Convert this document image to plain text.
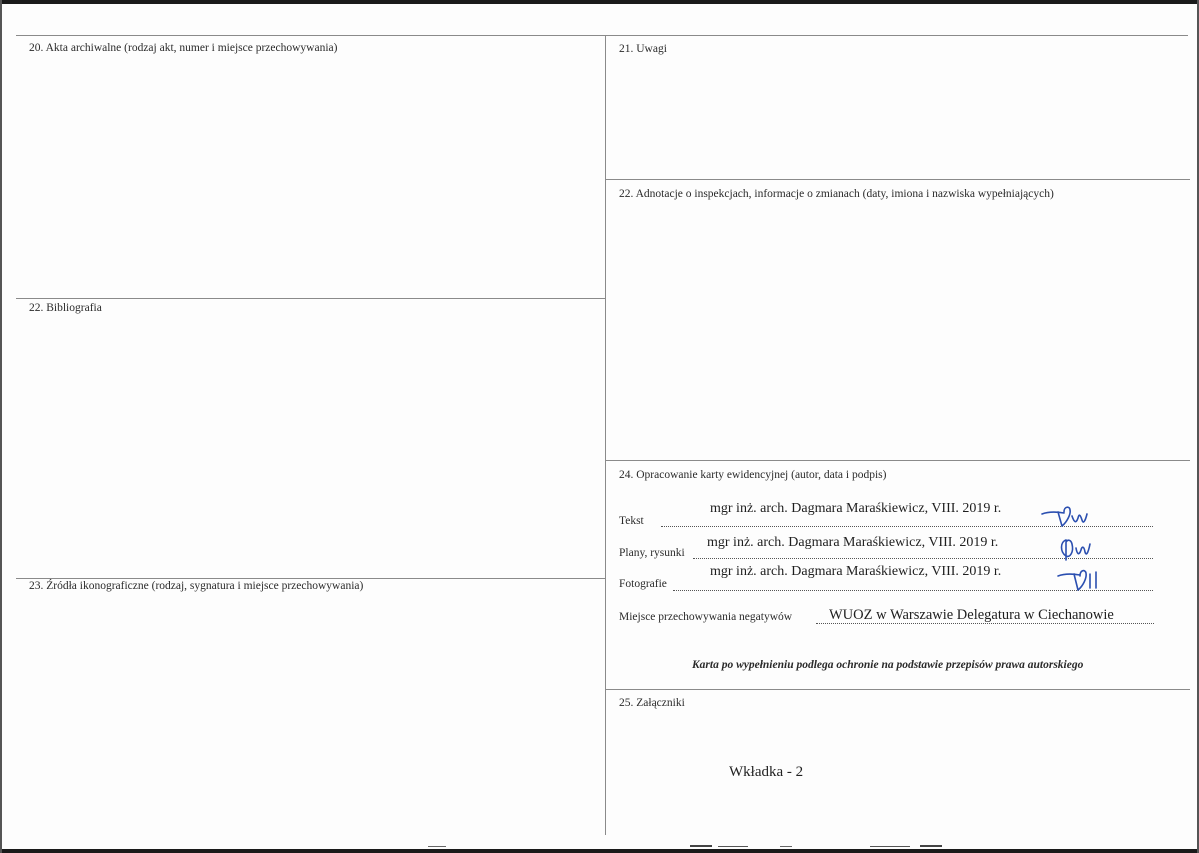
20. Akta archiwalne (rodzaj akt, numer i miejsce przechowywania)
22. Bibliografia
23. Źródła ikonograficzne (rodzaj, sygnatura i miejsce przechowywania)
21. Uwagi
22. Adnotacje o inspekcjach, informacje o zmianach (daty, imiona i nazwiska wypełniających)
24. Opracowanie karty ewidencyjnej (autor, data i podpis)
mgr inż. arch. Dagmara Maraśkiewicz, VIII. 2019 r.
Tekst
mgr inż. arch. Dagmara Maraśkiewicz, VIII. 2019 r.
Plany, rysunki
mgr inż. arch. Dagmara Maraśkiewicz, VIII. 2019 r.
Fotografie
Miejsce przechowywania negatywów	WUOZ w Warszawie Delegatura w Ciechanowie
Karta po wypełnieniu podlega ochronie na podstawie przepisów prawa autorskiego
25. Załączniki
Wkładka - 2
